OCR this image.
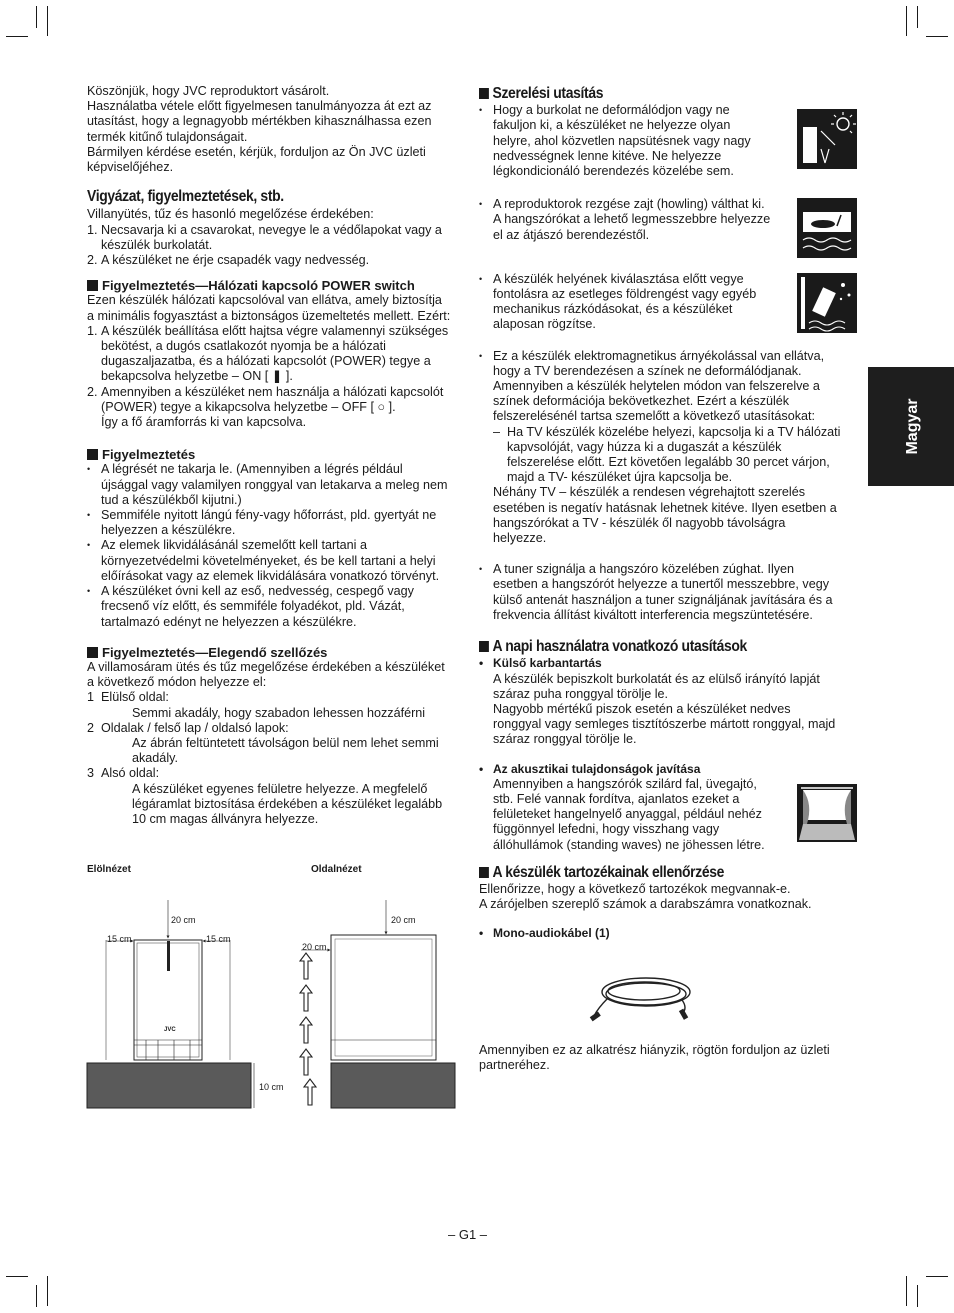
Köszönjük, hogy JVC reproduktort vásárolt.

Használatba vétele előtt figyelmesen tanulmányozza át ezt az

utasítást, hogy a legnagyobb mértékben kihasználhassa ezen

termék kitűnő tulajdonságait.

Bármilyen kérdése esetén, kérjük, forduljon az Ön JVC üzleti

képviselőjéhez.

Vigyázat, figyelmeztetések, stb.

Villanyütés, tűz és hasonló megelőzése érdekében:

1. Necsavarja ki a csavarokat, nevegye le a védőlapokat vagy a

készülék burkolatát.

2. A készüléket ne érje csapadék vagy nedvesség.

Figyelmeztetés—Hálózati kapcsoló POWER switch

Ezen készülék hálózati kapcsolóval van ellátva, amely biztosítja

a minimális fogyasztást a biztonságos üzemeltetés mellett. Ezért:

1. A készülék beállítása előtt hajtsa végre valamennyi szükséges

bekötést, a dugós csatlakozót nyomja be a hálózati

dugaszaljazatba, és a hálózati kapcsolót (POWER) tegye a

bekapcsolva helyzetbe – ON [ ❚ ].

2. Amennyiben a készüléket nem használja a hálózati kapcsolót

(POWER) tegye a kikapcsolva helyzetbe – OFF [ ○ ].

Így a fő áramforrás ki van kapcsolva.

Figyelmeztetés

• A légrését ne takarja le. (Amennyiben a légrés például

újsággal vagy valamilyen ronggyal van letakarva a meleg nem

tud a készülékből kijutni.)

• Semmiféle nyitott lángú fény-vagy hőforrást, pld. gyertyát ne

helyezzen a készülékre.

• Az elemek likvidálásánál szemelőtt kell tartani a

környezetvédelmi követelményeket, és be kell tartani a helyi

előírásokat vagy az elemek likvidálására vonatkozó törvényt.

• A készüléket óvni kell az eső, nedvesség, cespegő vagy

frecsenő víz előtt, és semmiféle folyadékot, pld. Vázát,

tartalmazó edényt ne helyezzen a készülékre.

Figyelmeztetés—Elegendő szellőzés

A villamosáram ütés és tűz megelőzése érdekében a készüléket

a következő módon helyezze el:

1 Elülső oldal:

Semmi akadály, hogy szabadon lehessen hozzáférni

2 Oldalak / felső lap / oldalsó lapok:

Az ábrán feltüntetett távolságon belül nem lehet semmi

akadály.

3 Alsó oldal:

A készüléket egyenes felületre helyezze. A megfelelő

légáramlat biztosítása érdekében a készüléket legalább

10 cm magas állványra helyezze.

Elölnézet	Oldalnézet
20 cm
15 cm	15 cm
10 cm
20 cm
20 cm
JVC
Szerelési utasítás

• Hogy a burkolat ne deformálódjon vagy ne

fakuljon ki, a készüléket ne helyezze olyan

helyre, ahol közvetlen napsütésnek vagy nagy

nedvességnek lenne kitéve. Ne helyezze

légkondicionáló berendezés közelébe sem.

• A reproduktorok rezgése zajt (howling) válthat ki.

A hangszórókat a lehető legmesszebbre helyezze

el az átjászó berendezéstől.

• A készülék helyének kiválasztása előtt vegye

fontolásra az esetleges földrengést vagy egyéb

mechanikus rázkódásokat, és a készüléket

alaposan rögzítse.

• Ez a készülék elektromagnetikus árnyékolással van ellátva,

hogy a TV berendezésen a színek ne deformálódjanak.

Amennyiben a készülék helytelen módon van felszerelve a

színek deformációja bekövetkezhet. Ezért a készülék

felszerelésénél tartsa szemelőtt a következő utasításokat:

– Ha TV készülék közelébe helyezi, kapcsolja ki a TV hálózati

kapvsolóját, vagy húzza ki a dugaszát a készülék

felszerelése előtt. Ezt követően legalább 30 percet várjon,

majd a TV- készüléket újra kapcsolja be.

Néhány TV – készülék a rendesen végrehajtott szerelés

esetében is negatív hatásnak lehetnek kitéve. Ilyen esetben a

hangszórókat a TV - készülék ől nagyobb távolságra

helyezze.

• A tuner szignálja a hangszóro közelében zúghat. Ilyen

esetben a hangszórót helyezze a tunertől messzebbre, vegy

külső antenát használjon a tuner szignáljának javítására és a

frekvencia állítást kiváltott interferencia megszüntetésére.

A napi használatra vonatkozó utasítások
• Külső karbantartás

A készülék bepiszkolt burkolatát és az elülső irányító lapját

száraz puha ronggyal törölje le.

Nagyobb mértékű piszok esetén a készüléket nedves

ronggyal vagy semleges tisztítószerbe mártott ronggyal, majd

száraz ronggyal törölje le.

• Az akusztikai tulajdonságok javítása

Amennyiben a hangszórók szilárd fal, üvegajtó,

stb. Felé vannak fordítva, ajanlatos ezeket a

felületeket hangelnyelő anyaggal, például nehéz

függönnyel lefedni, hogy visszhang vagy

állóhullámok (standing waves) ne jöhessen létre.

A készülék tartozékainak ellenőrzése

Ellenőrizze, hogy a következő tartozékok megvannak-e.

A zárójelben szereplő számok a darabszámra vonatkoznak.

• Mono-audiokábel (1)

Amennyiben ez az alkatrész hiányzik, rögtön forduljon az üzleti

partneréhez.

Magyar
– G1 –
